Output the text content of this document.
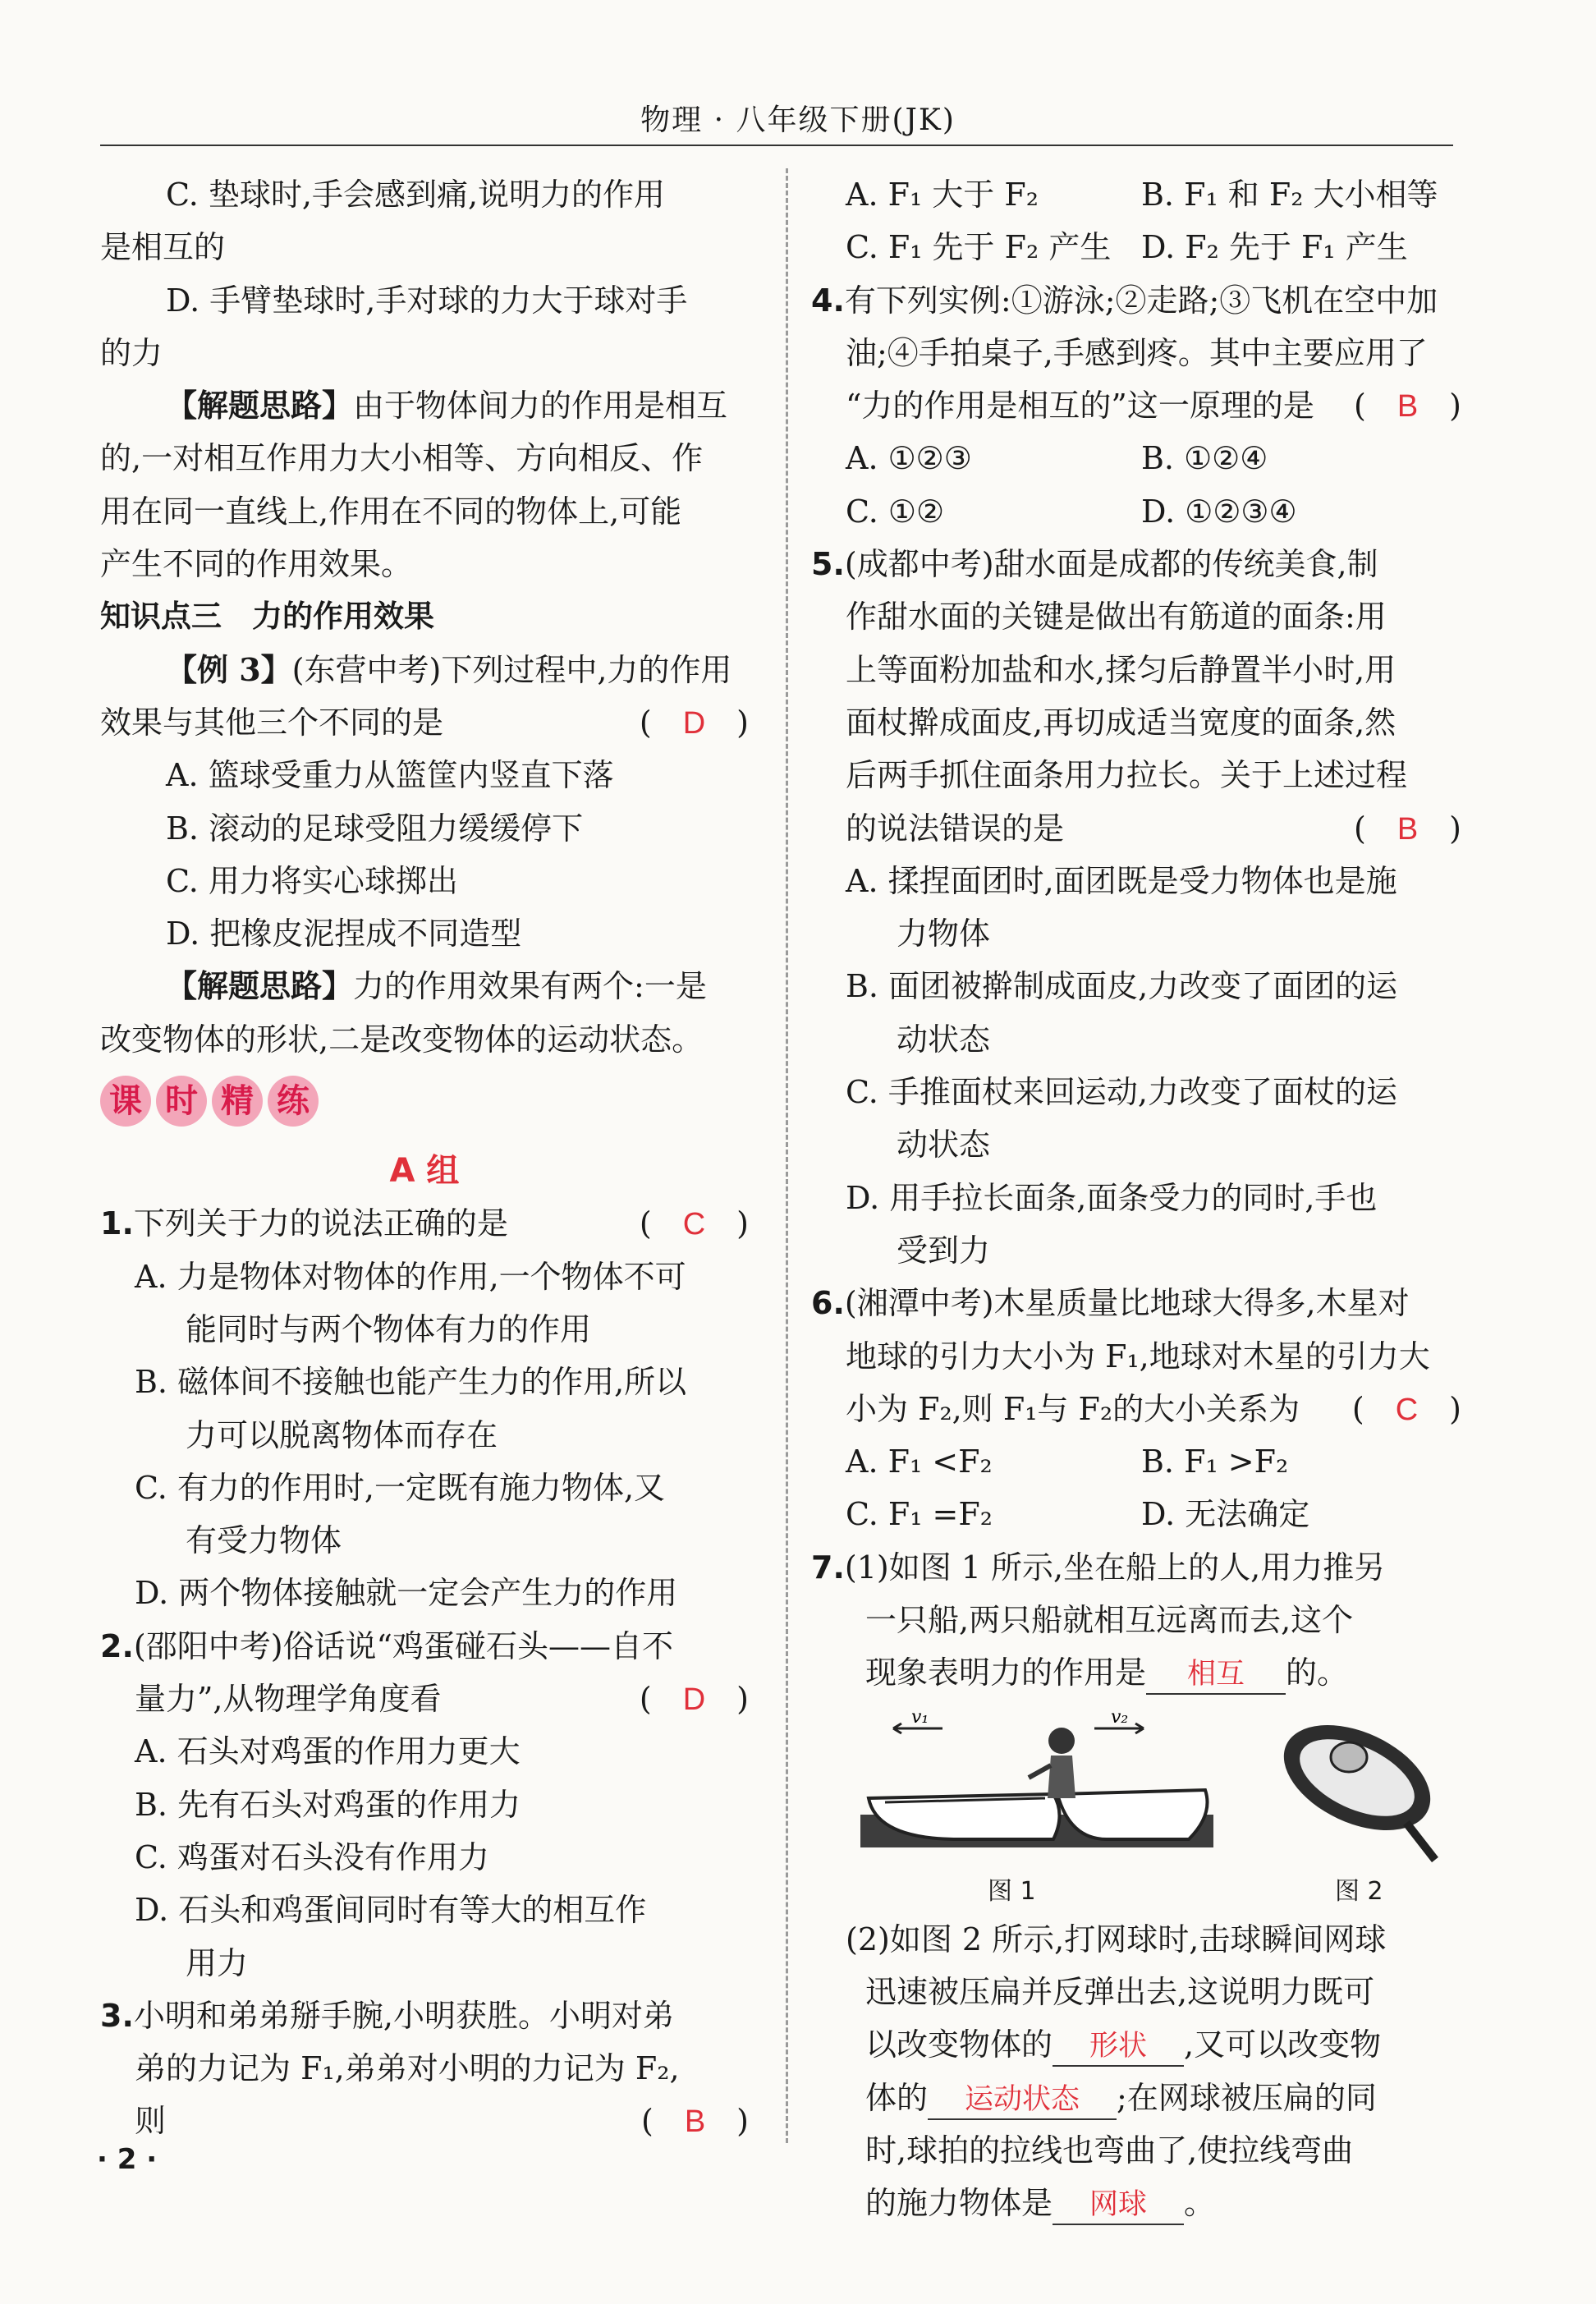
物理 · 八年级下册(JK)
C. 垫球时,手会感到痛,说明力的作用
是相互的
D. 手臂垫球时,手对球的力大于球对手
的力
【解题思路】由于物体间力的作用是相互
的,一对相互作用力大小相等、方向相反、作
用在同一直线上,作用在不同的物体上,可能
产生不同的作用效果。
知识点三　力的作用效果
【例 3】(东营中考)下列过程中,力的作用
效果与其他三个不同的是	(　D　)
A. 篮球受重力从篮筐内竖直下落
B. 滚动的足球受阻力缓缓停下
C. 用力将实心球掷出
D. 把橡皮泥捏成不同造型
【解题思路】力的作用效果有两个:一是
改变物体的形状,二是改变物体的运动状态。
课 时 精 练
A 组
1.下列关于力的说法正确的是	(　C　)
A. 力是物体对物体的作用,一个物体不可
能同时与两个物体有力的作用
B. 磁体间不接触也能产生力的作用,所以
力可以脱离物体而存在
C. 有力的作用时,一定既有施力物体,又
有受力物体
D. 两个物体接触就一定会产生力的作用
2.(邵阳中考)俗话说“鸡蛋碰石头——自不
量力”,从物理学角度看	(　D　)
A. 石头对鸡蛋的作用力更大
B. 先有石头对鸡蛋的作用力
C. 鸡蛋对石头没有作用力
D. 石头和鸡蛋间同时有等大的相互作
用力
3.小明和弟弟掰手腕,小明获胜。小明对弟
弟的力记为 F₁,弟弟对小明的力记为 F₂,
则	(　B　)
A. F₁ 大于 F₂	B. F₁ 和 F₂ 大小相等
C. F₁ 先于 F₂ 产生 D. F₂ 先于 F₁ 产生
4.有下列实例:①游泳;②走路;③飞机在空中加
油;④手拍桌子,手感到疼。其中主要应用了
“力的作用是相互的”这一原理的是 (　B　)
A. ①②③	B. ①②④
C. ①②	D. ①②③④
5.(成都中考)甜水面是成都的传统美食,制
作甜水面的关键是做出有筋道的面条:用
上等面粉加盐和水,揉匀后静置半小时,用
面杖擀成面皮,再切成适当宽度的面条,然
后两手抓住面条用力拉长。关于上述过程
的说法错误的是	(　B　)
A. 揉捏面团时,面团既是受力物体也是施
力物体
B. 面团被擀制成面皮,力改变了面团的运
动状态
C. 手推面杖来回运动,力改变了面杖的运
动状态
D. 用手拉长面条,面条受力的同时,手也
受到力
6.(湘潭中考)木星质量比地球大得多,木星对
地球的引力大小为 F₁,地球对木星的引力大
小为 F₂,则 F₁与 F₂的大小关系为 (　C　)
A. F₁ <F₂	B. F₁ >F₂
C. F₁ =F₂	D. 无法确定
7.(1)如图 1 所示,坐在船上的人,用力推另
一只船,两只船就相互远离而去,这个
现象表明力的作用是 相互 的。
v₁	v₂
图 1	图 2
(2)如图 2 所示,打网球时,击球瞬间网球
迅速被压扁并反弹出去,这说明力既可
以改变物体的 形状 ,又可以改变物
体的 运动状态 ;在网球被压扁的同
时,球拍的拉线也弯曲了,使拉线弯曲
的施力物体是 网球 。
· 2 ·
